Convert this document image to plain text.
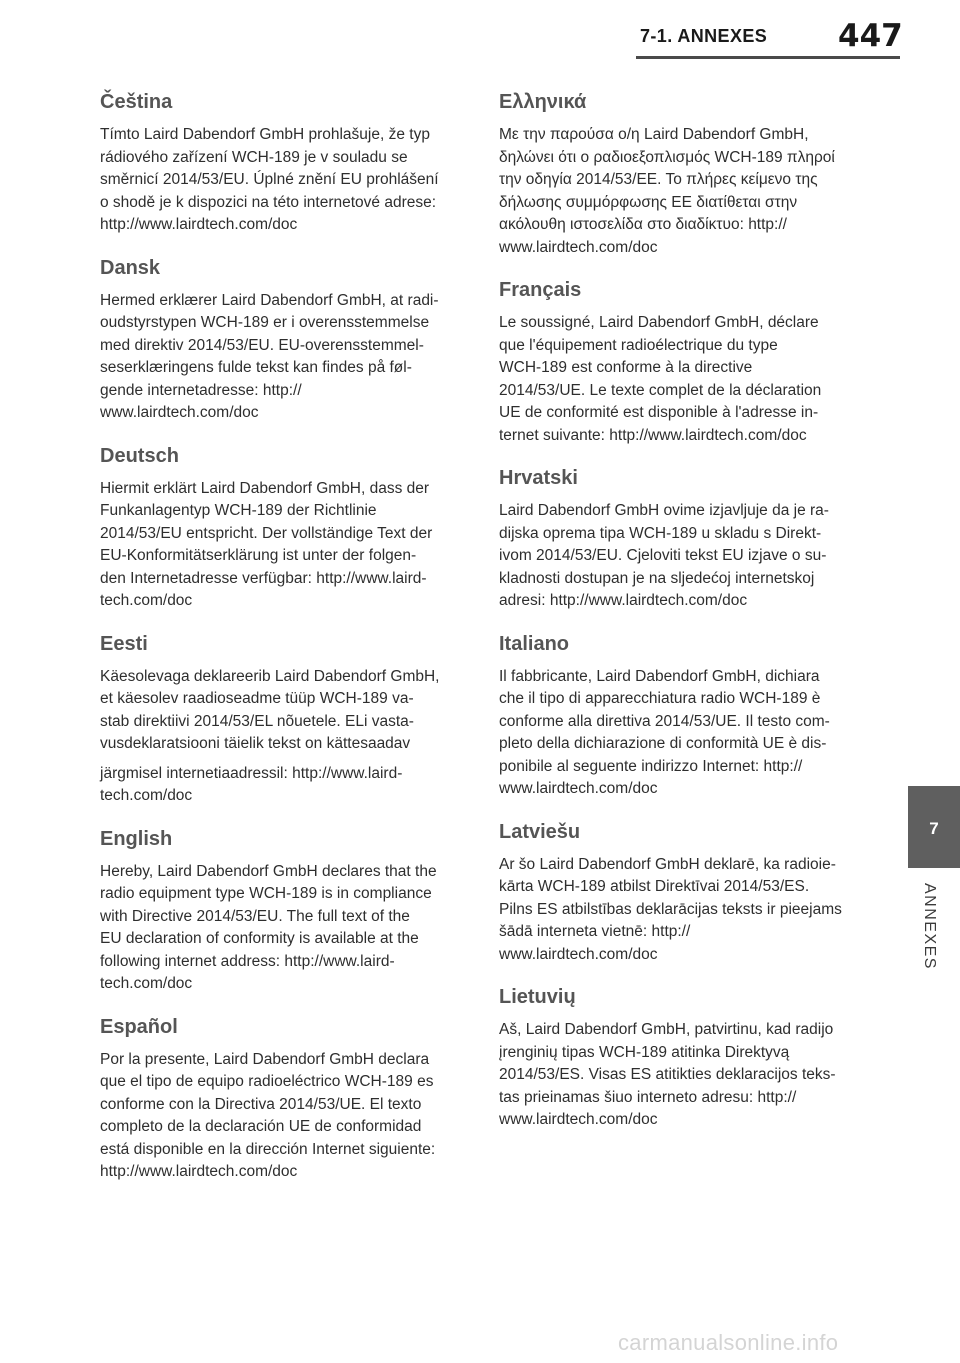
7-1. ANNEXES 447
7
ANNEXES
Čeština

Tímto Laird Dabendorf GmbH prohlašuje, že typ
rádiového zařízení WCH-189 je v souladu se
směrnicí 2014/53/EU. Úplné znění EU prohlášení
o shodě je k dispozici na této internetové adrese:
http://www.lairdtech.com/doc

Dansk

Hermed erklærer Laird Dabendorf GmbH, at radi-
oudstyrstypen WCH-189 er i overensstemmelse
med direktiv 2014/53/EU. EU-overensstemmel-
seserklæringens fulde tekst kan findes på føl-
gende internetadresse: http://
www.lairdtech.com/doc

Deutsch

Hiermit erklärt Laird Dabendorf GmbH, dass der
Funkanlagentyp WCH-189 der Richtlinie
2014/53/EU entspricht. Der vollständige Text der
EU-Konformitätserklärung ist unter der folgen-
den Internetadresse verfügbar: http://www.laird-
tech.com/doc

Eesti

Käesolevaga deklareerib Laird Dabendorf GmbH,
et käesolev raadioseadme tüüp WCH-189 va-
stab direktiivi 2014/53/EL nõuetele. ELi vasta-
vusdeklaratsiooni täielik tekst on kättesaadav

järgmisel internetiaadressil: http://www.laird-
tech.com/doc

English

Hereby, Laird Dabendorf GmbH declares that the
radio equipment type WCH-189 is in compliance
with Directive 2014/53/EU. The full text of the
EU declaration of conformity is available at the
following internet address: http://www.laird-
tech.com/doc

Español

Por la presente, Laird Dabendorf GmbH declara
que el tipo de equipo radioeléctrico WCH-189 es
conforme con la Directiva 2014/53/UE. El texto
completo de la declaración UE de conformidad
está disponible en la dirección Internet siguiente:
http://www.lairdtech.com/doc

Ελληνικά

Με την παρούσα ο/η Laird Dabendorf GmbH,
δηλώνει ότι ο ραδιοεξοπλισμός WCH-189 πληροί
την οδηγία 2014/53/ΕΕ. Το πλήρες κείμενο της
δήλωσης συμμόρφωσης ΕΕ διατίθεται στην
ακόλουθη ιστοσελίδα στο διαδίκτυο: http://
www.lairdtech.com/doc

Français

Le soussigné, Laird Dabendorf GmbH, déclare
que l'équipement radioélectrique du type
WCH-189 est conforme à la directive
2014/53/UE. Le texte complet de la déclaration
UE de conformité est disponible à l'adresse in-
ternet suivante: http://www.lairdtech.com/doc

Hrvatski

Laird Dabendorf GmbH ovime izjavljuje da je ra-
dijska oprema tipa WCH-189 u skladu s Direkt-
ivom 2014/53/EU. Cjeloviti tekst EU izjave o su-
kladnosti dostupan je na sljedećoj internetskoj
adresi: http://www.lairdtech.com/doc

Italiano

Il fabbricante, Laird Dabendorf GmbH, dichiara
che il tipo di apparecchiatura radio WCH-189 è
conforme alla direttiva 2014/53/UE. Il testo com-
pleto della dichiarazione di conformità UE è dis-
ponibile al seguente indirizzo Internet: http://
www.lairdtech.com/doc

Latviešu

Ar šo Laird Dabendorf GmbH deklarē, ka radioie-
kārta WCH-189 atbilst Direktīvai 2014/53/ES.
Pilns ES atbilstības deklarācijas teksts ir pieejams
šādā interneta vietnē: http://
www.lairdtech.com/doc

Lietuvių

Aš, Laird Dabendorf GmbH, patvirtinu, kad radijo
įrenginių tipas WCH-189 atitinka Direktyvą
2014/53/ES. Visas ES atitikties deklaracijos teks-
tas prieinamas šiuo interneto adresu: http://
www.lairdtech.com/doc

carmanualsonline.info
